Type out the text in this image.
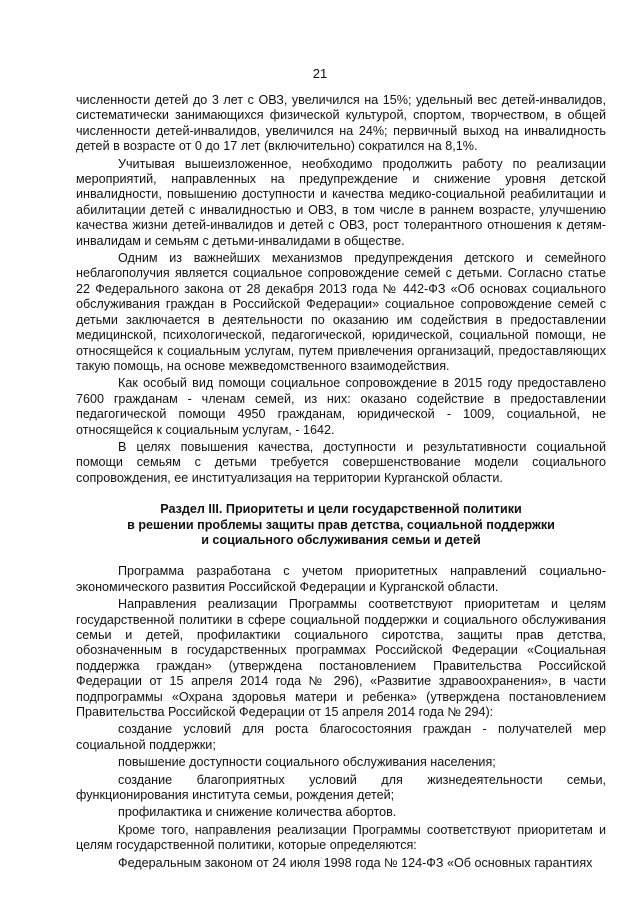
21

численности детей до 3 лет с ОВЗ, увеличился на 15%; удельный вес детей-инвалидов, систематически занимающихся физической культурой, спортом, творчеством, в общей численности детей-инвалидов, увеличился на 24%; первичный выход на инвалидность детей в возрасте от 0 до 17 лет (включительно) сократился на 8,1%.

Учитывая вышеизложенное, необходимо продолжить работу по реализации мероприятий, направленных на предупреждение и снижение уровня детской инвалидности, повышению доступности и качества медико-социальной реабилитации и абилитации детей с инвалидностью и ОВЗ, в том числе в раннем возрасте, улучшению качества жизни детей-инвалидов и детей с ОВЗ, рост толерантного отношения к детям-инвалидам и семьям с детьми-инвалидами в обществе.

Одним из важнейших механизмов предупреждения детского и семейного неблагополучия является социальное сопровождение семей с детьми. Согласно статье 22 Федерального закона от 28 декабря 2013 года № 442-ФЗ «Об основах социального обслуживания граждан в Российской Федерации» социальное сопровождение семей с детьми заключается в деятельности по оказанию им содействия в предоставлении медицинской, психологической, педагогической, юридической, социальной помощи, не относящейся к социальным услугам, путем привлечения организаций, предоставляющих такую помощь, на основе межведомственного взаимодействия.

Как особый вид помощи социальное сопровождение в 2015 году предоставлено 7600 гражданам - членам семей, из них: оказано содействие в предоставлении педагогической помощи 4950 гражданам, юридической - 1009, социальной, не относящейся к социальным услугам, - 1642.

В целях повышения качества, доступности и результативности социальной помощи семьям с детьми требуется совершенствование модели социального сопровождения, ее институализация на территории Курганской области.

Раздел III. Приоритеты и цели государственной политики
в решении проблемы защиты прав детства, социальной поддержки
и социального обслуживания семьи и детей

Программа разработана с учетом приоритетных направлений социально-экономического развития Российской Федерации и Курганской области.

Направления реализации Программы соответствуют приоритетам и целям государственной политики в сфере социальной поддержки и социального обслуживания семьи и детей, профилактики социального сиротства, защиты прав детства, обозначенным в государственных программах Российской Федерации «Социальная поддержка граждан» (утверждена постановлением Правительства Российской Федерации от 15 апреля 2014 года № 296), «Развитие здравоохранения», в части подпрограммы «Охрана здоровья матери и ребенка» (утверждена постановлением Правительства Российской Федерации от 15 апреля 2014 года № 294):

создание условий для роста благосостояния граждан - получателей мер социальной поддержки;

повышение доступности социального обслуживания населения;

создание благоприятных условий для жизнедеятельности семьи, функционирования института семьи, рождения детей;

профилактика и снижение количества абортов.

Кроме того, направления реализации Программы соответствуют приоритетам и целям государственной политики, которые определяются:

Федеральным законом от 24 июля 1998 года № 124-ФЗ «Об основных гарантиях
